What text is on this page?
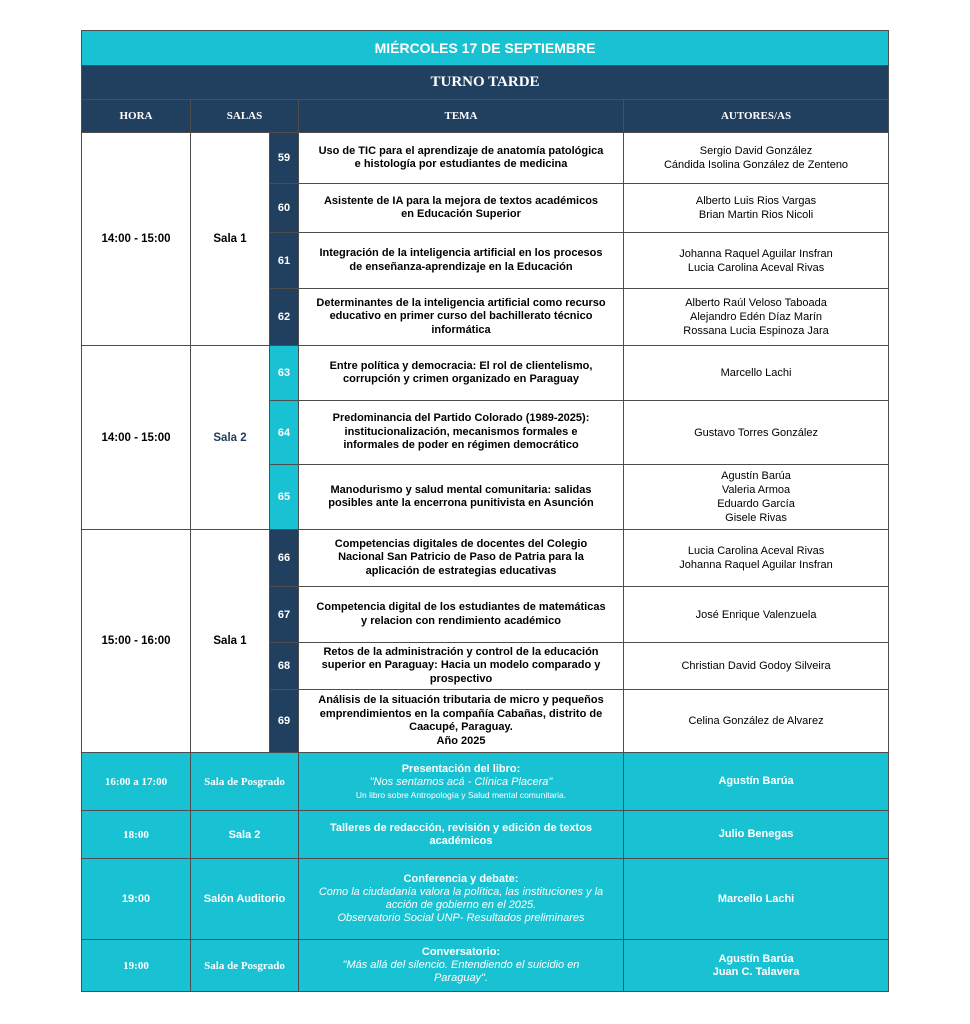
MIÉRCOLES 17 DE SEPTIEMBRE				
TURNO TARDE				
HORA	SALAS		TEMA	AUTORES/AS
14:00 - 15:00	Sala 1	59	Uso de TIC para el aprendizaje de anatomía patológica
e histología por estudiantes de medicina	Sergio David González
Cándida Isolina González de Zenteno

		60	Asistente de IA para la mejora de textos académicos
en Educación Superior	Alberto Luis Rios Vargas
Brian Martin Rios Nicoli

		61	Integración de la inteligencia artificial en los procesos
de enseñanza-aprendizaje en la Educación	Johanna Raquel Aguilar Insfran
Lucia Carolina Aceval Rivas

		62	Determinantes de la inteligencia artificial como recurso
educativo en primer curso del bachillerato técnico
informática	Alberto Raúl Veloso Taboada
Alejandro Edén Díaz Marín
Rossana Lucia Espinoza Jara

14:00 - 15:00	Sala 2	63	Entre política y democracia: El rol de clientelismo,
corrupción y crimen organizado en Paraguay	Marcello Lachi

		64	Predominancia del Partido Colorado (1989-2025):
institucionalización, mecanismos formales e
informales de poder en régimen democrático	Gustavo Torres González

		65	Manodurismo y salud mental comunitaria: salidas
posibles ante la encerrona punitivista en Asunción	Agustín Barúa
Valeria Armoa
Eduardo García
Gisele Rivas

15:00 - 16:00	Sala 1	66	Competencias digitales de docentes del Colegio
Nacional San Patricio de Paso de Patria para la
aplicación de estrategias educativas	Lucia Carolina Aceval Rivas
Johanna Raquel Aguilar Insfran

		67	Competencia digital de los estudiantes de matemáticas
y relacion con rendimiento académico	José Enrique Valenzuela

		68	Retos de la administración y control de la educación
superior en Paraguay: Hacia un modelo comparado y
prospectivo	Christian David Godoy Silveira

		69	Análisis de la situación tributaria de micro y pequeños
emprendimientos en la compañía Cabañas, distrito de
Caacupé, Paraguay.
Año 2025	Celina González de Alvarez

16:00 a 17:00	Sala de Posgrado		Presentación del libro:
"Nos sentamos acá - Clínica Placera"
Un libro sobre Antropología y Salud mental comunitaria.	Agustín Barúa

18:00	Sala 2		Talleres de redacción, revisión y edición de textos académicos	Julio Benegas

19:00	Salón Auditorio		Conferencia y debate:
Como la ciudadanía valora la política, las instituciones y la
acción de gobierno en el 2025.
Observatorio Social UNP- Resultados preliminares	Marcello Lachi

19:00	Sala de Posgrado		Conversatorio:
"Más allá del silencio. Entendiendo el suicidio en
Paraguay".	Agustín Barúa
Juan C. Talavera
